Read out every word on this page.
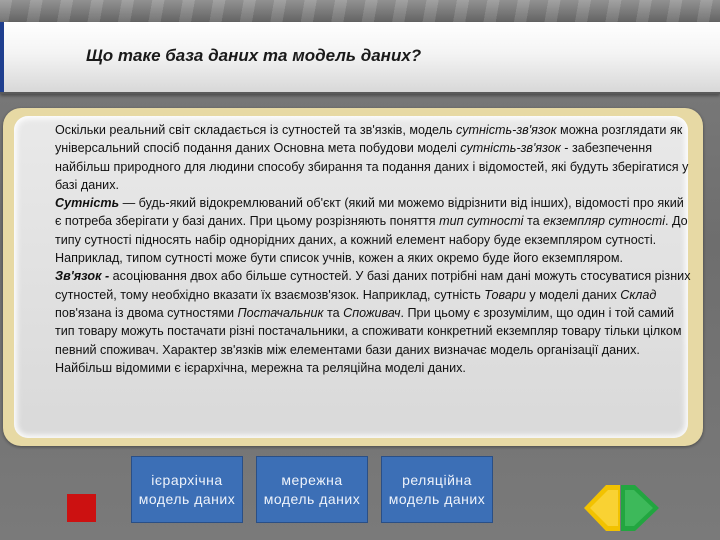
Що таке база даних та модель даних?

Оскільки реальний світ складається із сутностей та зв'язків, модель сутність-зв'язок можна розглядати як універсальний спосіб подання даних Основна мета побудови моделі сутність-зв'язок - забезпечення найбільш природного для людини способу збирання та подання даних і відомостей, які будуть зберігатися у базі даних.

Сутність — будь-який відокремлюваний об'єкт (який ми можемо відрізнити від інших), відомості про який є потреба зберігати у базі даних. При цьому розрізняють поняття тип сутності та екземпляр сутності. До типу сутності підносять набір однорідних даних, а кожний елемент набору буде екземпляром сутності. Наприклад, типом сутності може бути список учнів, кожен а яких окремо буде його екземпляром.

Зв'язок - асоціювання двох або більше сутностей. У базі даних потрібні нам дані можуть стосуватися різних сутностей, тому необхідно вказати їх взаємозв'язок. Наприклад, сутність Товари у моделі даних Склад пов'язана із двома сутностями Постачальник та Споживач. При цьому є зрозумілим, що один і той самий тип товару можуть постачати різні постачальники, а споживати конкретний екземпляр товару тільки цілком певний споживач. Характер зв'язків між елементами бази даних визначає модель організації даних. Найбільш відомими є ієрархічна, мережна та реляційна моделі даних.

ієрархічна модель даних
мережна модель даних
реляційна модель даних
